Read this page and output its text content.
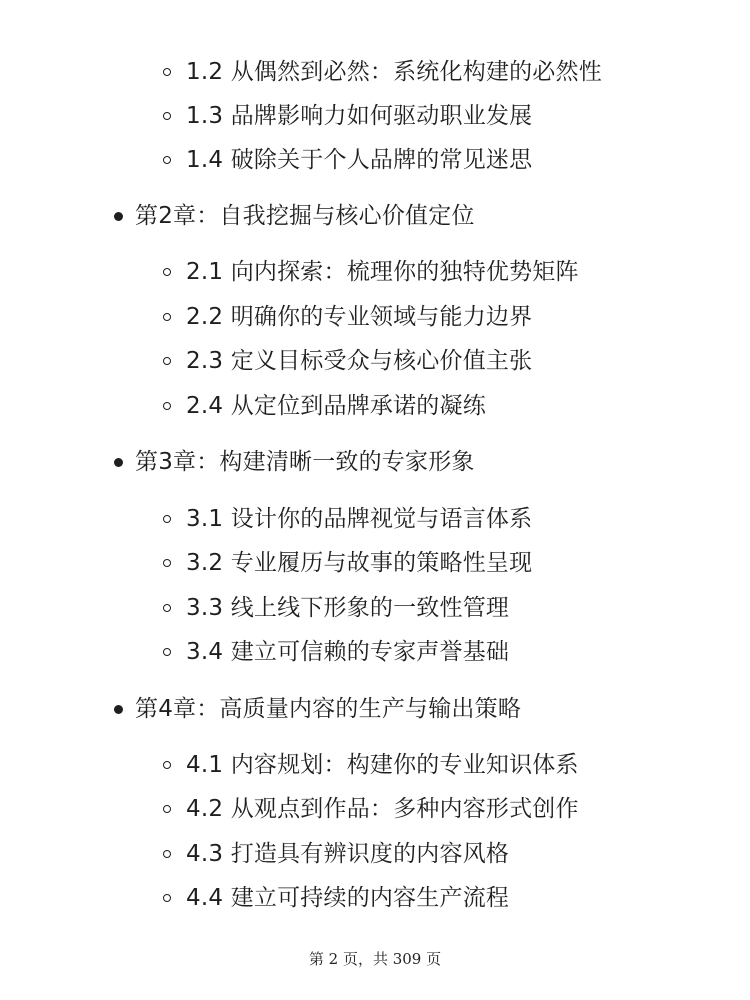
1.2 从偶然到必然：系统化构建的必然性
1.3 品牌影响力如何驱动职业发展
1.4 破除关于个人品牌的常见迷思
第2章：自我挖掘与核心价值定位
2.1 向内探索：梳理你的独特优势矩阵
2.2 明确你的专业领域与能力边界
2.3 定义目标受众与核心价值主张
2.4 从定位到品牌承诺的凝练
第3章：构建清晰一致的专家形象
3.1 设计你的品牌视觉与语言体系
3.2 专业履历与故事的策略性呈现
3.3 线上线下形象的一致性管理
3.4 建立可信赖的专家声誉基础
第4章：高质量内容的生产与输出策略
4.1 内容规划：构建你的专业知识体系
4.2 从观点到作品：多种内容形式创作
4.3 打造具有辨识度的内容风格
4.4 建立可持续的内容生产流程
第 2 页，共 309 页
